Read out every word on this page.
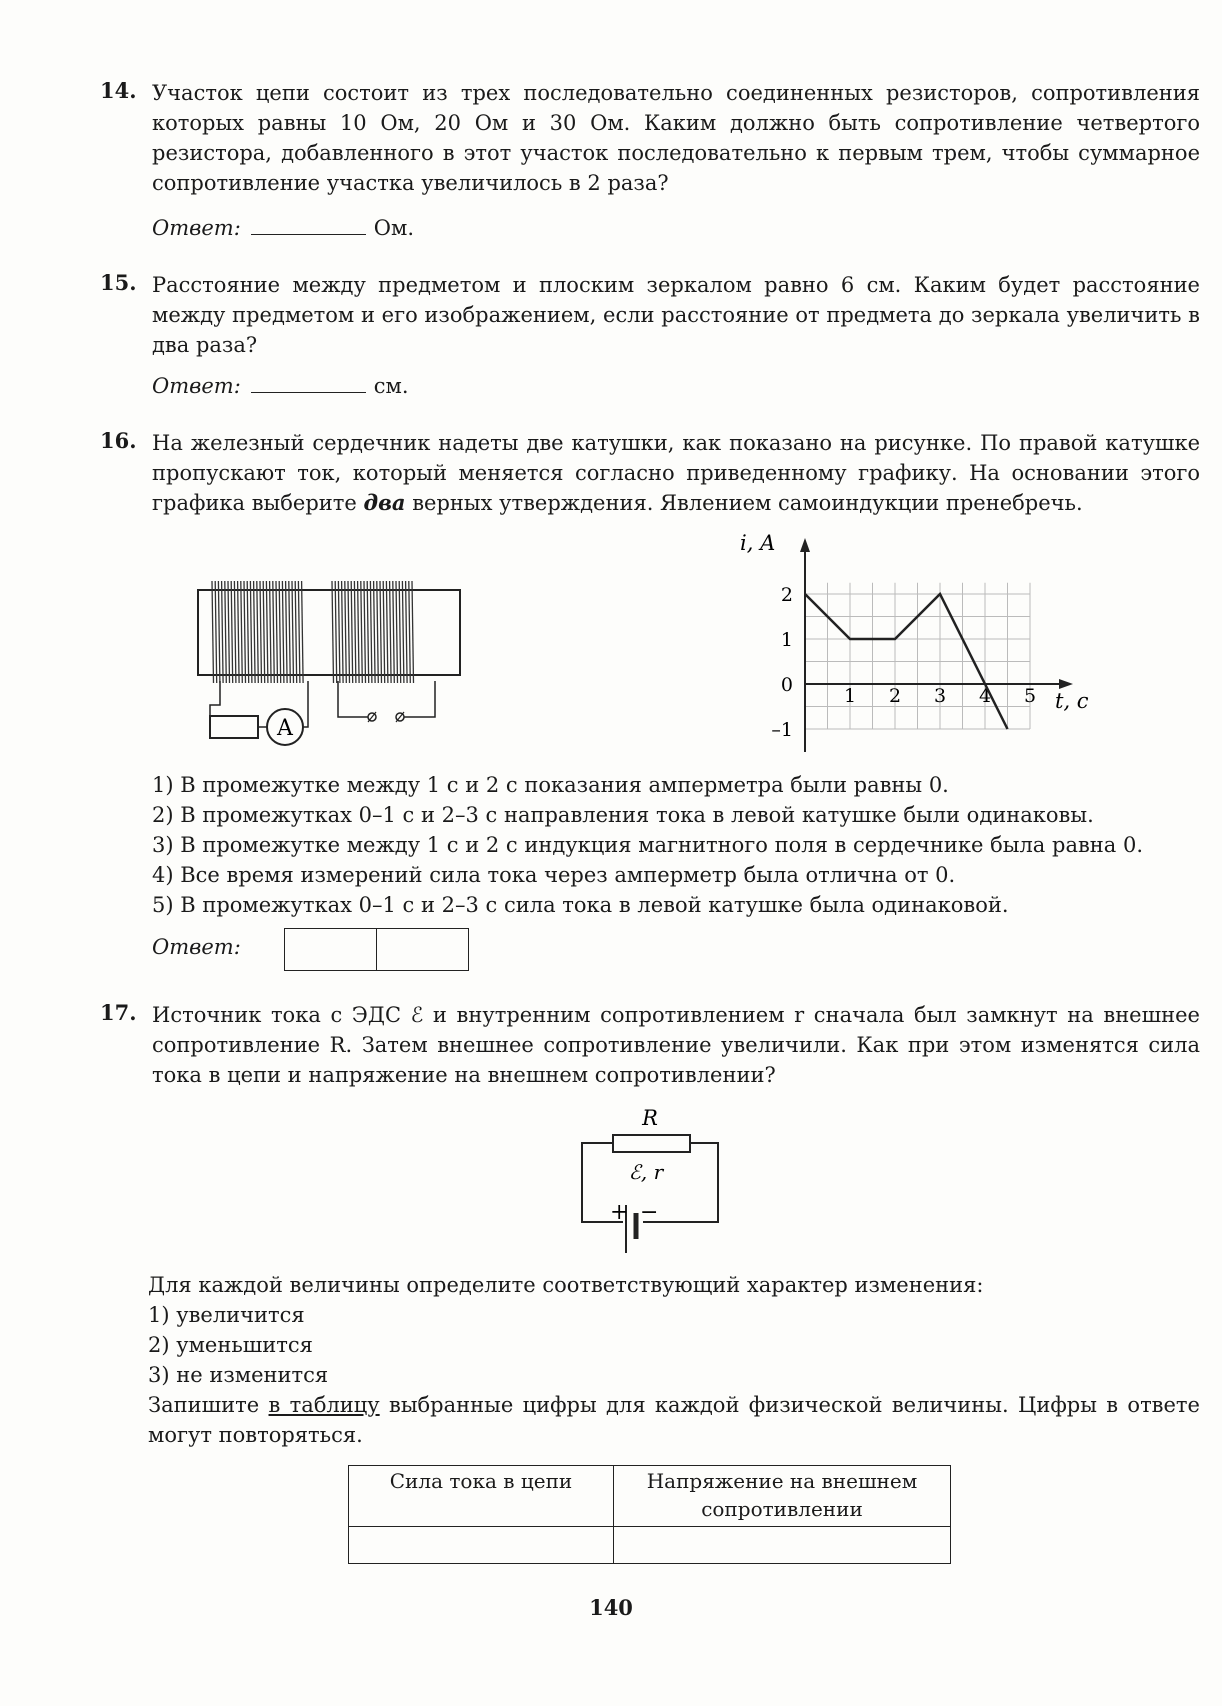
14. Участок цепи состоит из трех последовательно соединенных резисторов, сопротивления которых равны 10 Ом, 20 Ом и 30 Ом. Каким должно быть сопротивление четвертого резистора, добавленного в этот участок последовательно к первым трем, чтобы суммарное сопротивление участка увеличилось в 2 раза?
Ответ:	Ом.
15. Расстояние между предметом и плоским зеркалом равно 6 см. Каким будет расстояние между предметом и его изображением, если расстояние от предмета до зеркала увеличить в два раза?
Ответ:	см.
16. На железный сердечник надеты две катушки, как показано на рисунке. По правой катушке пропускают ток, который меняется согласно приведенному графику. На основании этого графика выберите два верных утверждения. Явлением самоиндукции пренебречь.
A
i, A
t, c
1 2 3 4 5
2
1
0
–1
1) В промежутке между 1 с и 2 с показания амперметра были равны 0.
2) В промежутках 0–1 с и 2–3 с направления тока в левой катушке были одинаковы.
3) В промежутке между 1 с и 2 с индукция магнитного поля в сердечнике была равна 0.
4) Все время измерений сила тока через амперметр была отлична от 0.
5) В промежутках 0–1 с и 2–3 с сила тока в левой катушке была одинаковой.
Ответ:
17. Источник тока с ЭДС ℰ и внутренним сопротивлением r сначала был замкнут на внешнее сопротивление R. Затем внешнее сопротивление увеличили. Как при этом изменятся сила тока в цепи и напряжение на внешнем сопротивлении?
R
ℰ, r
+ −
Для каждой величины определите соответствующий характер изменения:
1) увеличится
2) уменьшится
3) не изменится
Запишите в таблицу выбранные цифры для каждой физической величины. Цифры в ответе могут повторяться.
Сила тока в цепи	Напряжение на внешнем сопротивлении

140
